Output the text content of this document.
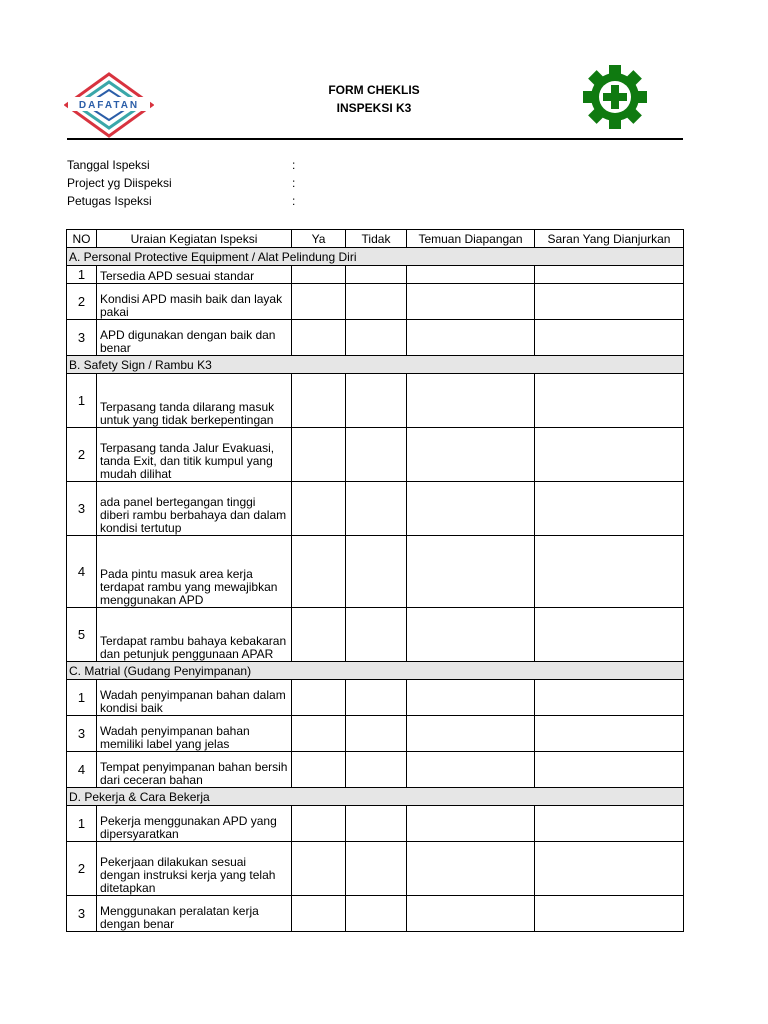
DAFATAN
FORM CHEKLIS
INSPEKSI K3
Tanggal Ispeksi	:
Project yg Diispeksi	:
Petugas Ispeksi	:
NO	Uraian Kegiatan Ispeksi	Ya	Tidak	Temuan Diapangan	Saran Yang Dianjurkan
A. Personal Protective Equipment / Alat Pelindung Diri					
1	Tersedia APD sesuai standar				
2	Kondisi APD masih baik dan layak pakai				
3	APD digunakan dengan baik dan benar				
B. Safety Sign / Rambu K3					
1	Terpasang tanda dilarang masuk untuk yang tidak berkepentingan				
2	Terpasang tanda Jalur Evakuasi, tanda Exit, dan titik kumpul yang mudah dilihat				
3	ada panel bertegangan tinggi diberi rambu berbahaya dan dalam kondisi tertutup				
4	Pada pintu masuk area kerja terdapat rambu yang mewajibkan menggunakan APD				
5	Terdapat rambu bahaya kebakaran dan petunjuk penggunaan APAR				
C. Matrial (Gudang Penyimpanan)					
1	Wadah penyimpanan bahan dalam kondisi baik				
3	Wadah penyimpanan bahan memiliki label yang jelas				
4	Tempat penyimpanan bahan bersih dari ceceran bahan				
D. Pekerja & Cara Bekerja					
1	Pekerja menggunakan APD yang dipersyaratkan				
2	Pekerjaan dilakukan sesuai dengan instruksi kerja yang telah ditetapkan				
3	Menggunakan peralatan kerja dengan benar				
